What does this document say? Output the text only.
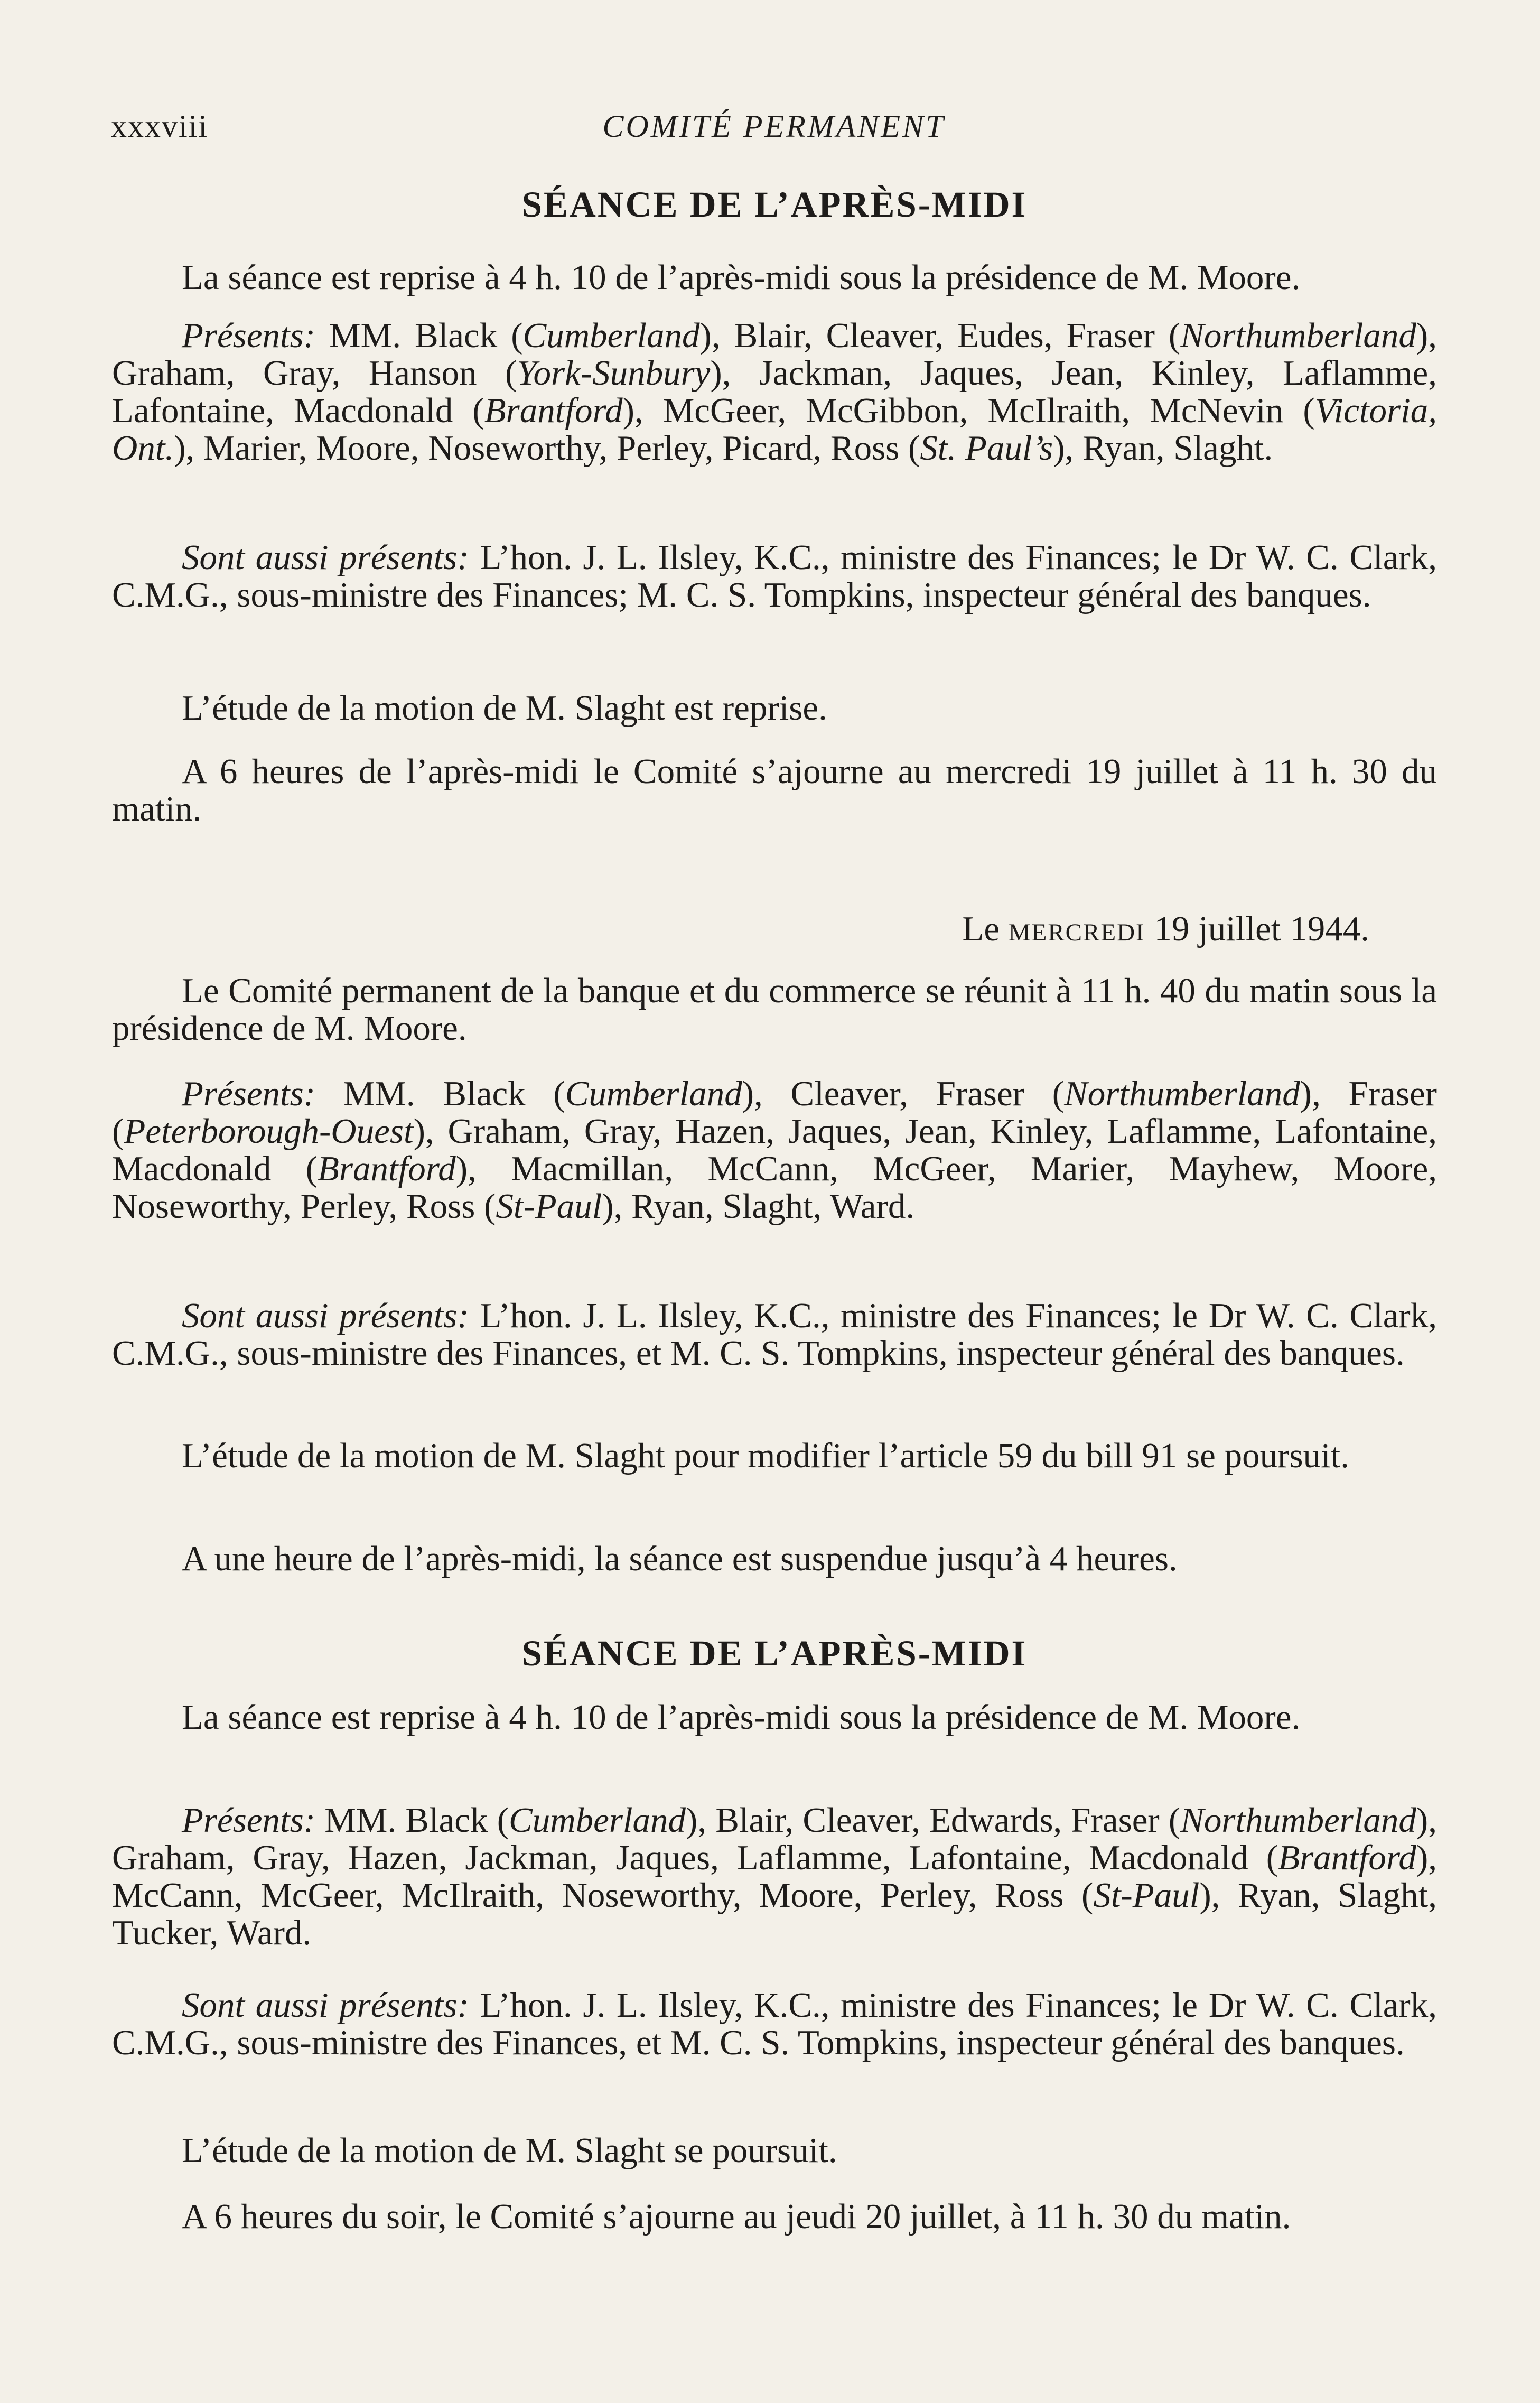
xxxviii	COMITÉ PERMANENT
SÉANCE DE L’APRÈS-MIDI

La séance est reprise à 4 h. 10 de l’après-midi sous la présidence de M. Moore.

Présents: MM. Black (Cumberland), Blair, Cleaver, Eudes, Fraser (Northumberland), Graham, Gray, Hanson (York-Sunbury), Jackman, Jaques, Jean, Kinley, Laflamme, Lafontaine, Macdonald (Brantford), McGeer, McGibbon, McIlraith, McNevin (Victoria, Ont.), Marier, Moore, Noseworthy, Perley, Picard, Ross (St. Paul’s), Ryan, Slaght.

Sont aussi présents: L’hon. J. L. Ilsley, K.C., ministre des Finances; le Dr W. C. Clark, C.M.G., sous-ministre des Finances; M. C. S. Tompkins, inspecteur général des banques.

L’étude de la motion de M. Slaght est reprise.

A 6 heures de l’après-midi le Comité s’ajourne au mercredi 19 juillet à 11 h. 30 du matin.

Le mercredi 19 juillet 1944.

Le Comité permanent de la banque et du commerce se réunit à 11 h. 40 du matin sous la présidence de M. Moore.

Présents: MM. Black (Cumberland), Cleaver, Fraser (Northumberland), Fraser (Peterborough-Ouest), Graham, Gray, Hazen, Jaques, Jean, Kinley, Laflamme, Lafontaine, Macdonald (Brantford), Macmillan, McCann, McGeer, Marier, Mayhew, Moore, Noseworthy, Perley, Ross (St-Paul), Ryan, Slaght, Ward.

Sont aussi présents: L’hon. J. L. Ilsley, K.C., ministre des Finances; le Dr W. C. Clark, C.M.G., sous-ministre des Finances, et M. C. S. Tompkins, inspecteur général des banques.

L’étude de la motion de M. Slaght pour modifier l’article 59 du bill 91 se poursuit.

A une heure de l’après-midi, la séance est suspendue jusqu’à 4 heures.

SÉANCE DE L’APRÈS-MIDI

La séance est reprise à 4 h. 10 de l’après-midi sous la présidence de M. Moore.

Présents: MM. Black (Cumberland), Blair, Cleaver, Edwards, Fraser (Northumberland), Graham, Gray, Hazen, Jackman, Jaques, Laflamme, Lafontaine, Macdonald (Brantford), McCann, McGeer, McIlraith, Noseworthy, Moore, Perley, Ross (St-Paul), Ryan, Slaght, Tucker, Ward.

Sont aussi présents: L’hon. J. L. Ilsley, K.C., ministre des Finances; le Dr W. C. Clark, C.M.G., sous-ministre des Finances, et M. C. S. Tompkins, inspecteur général des banques.

L’étude de la motion de M. Slaght se poursuit.

A 6 heures du soir, le Comité s’ajourne au jeudi 20 juillet, à 11 h. 30 du matin.
